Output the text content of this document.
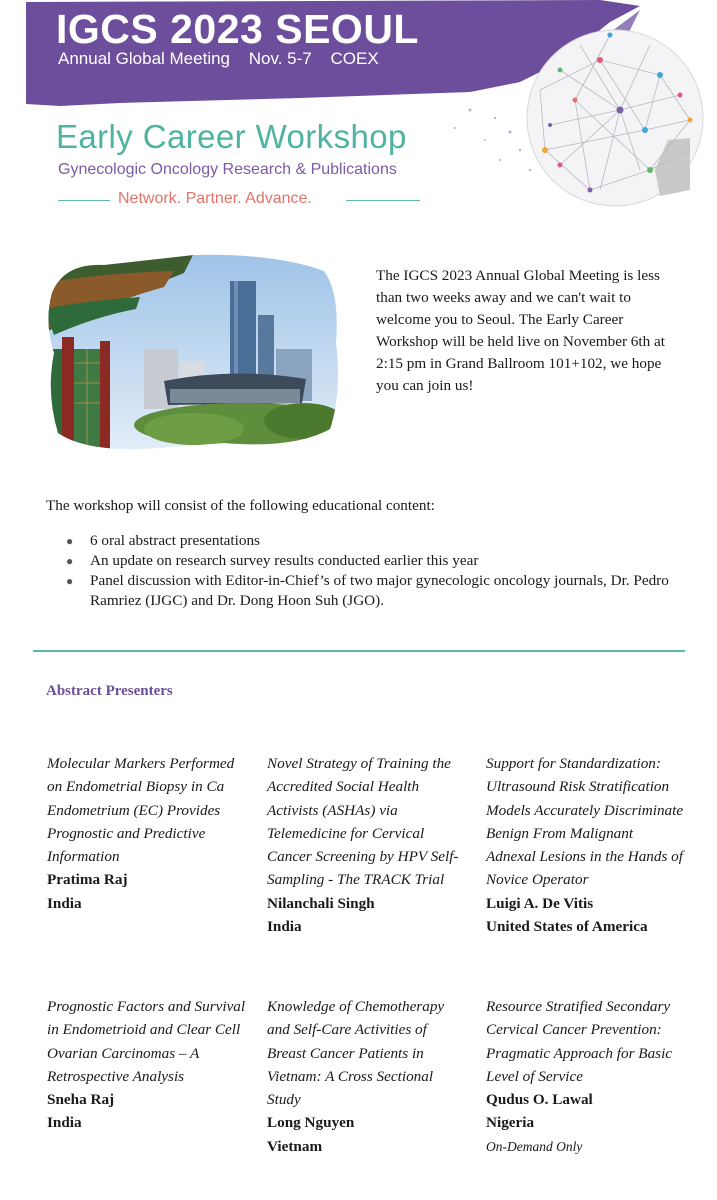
IGCS 2023 SEOUL
Annual Global Meeting Nov. 5-7 COEX
Early Career Workshop
Gynecologic Oncology Research & Publications
Network. Partner. Advance.
The IGCS 2023 Annual Global Meeting is less than two weeks away and we can't wait to welcome you to Seoul. The Early Career Workshop will be held live on November 6th at 2:15 pm in Grand Ballroom 101+102, we hope you can join us!
The workshop will consist of the following educational content:
● 6 oral abstract presentations
● An update on research survey results conducted earlier this year
● Panel discussion with Editor-in-Chief’s of two major gynecologic oncology journals, Dr. Pedro Ramriez (IJGC) and Dr. Dong Hoon Suh (JGO).
Abstract Presenters
Molecular Markers Performed on Endometrial Biopsy in Ca Endometrium (EC) Provides Prognostic and Predictive Information
Pratima Raj
India
Novel Strategy of Training the Accredited Social Health Activists (ASHAs) via Telemedicine for Cervical Cancer Screening by HPV Self-Sampling - The TRACK Trial
Nilanchali Singh
India
Support for Standardization: Ultrasound Risk Stratification Models Accurately Discriminate Benign From Malignant Adnexal Lesions in the Hands of Novice Operator
Luigi A. De Vitis
United States of America
Prognostic Factors and Survival in Endometrioid and Clear Cell Ovarian Carcinomas – A Retrospective Analysis
Sneha Raj
India
Knowledge of Chemotherapy and Self-Care Activities of Breast Cancer Patients in Vietnam: A Cross Sectional Study
Long Nguyen
Vietnam
Resource Stratified Secondary Cervical Cancer Prevention: Pragmatic Approach for Basic Level of Service
Qudus O. Lawal
Nigeria
On-Demand Only
